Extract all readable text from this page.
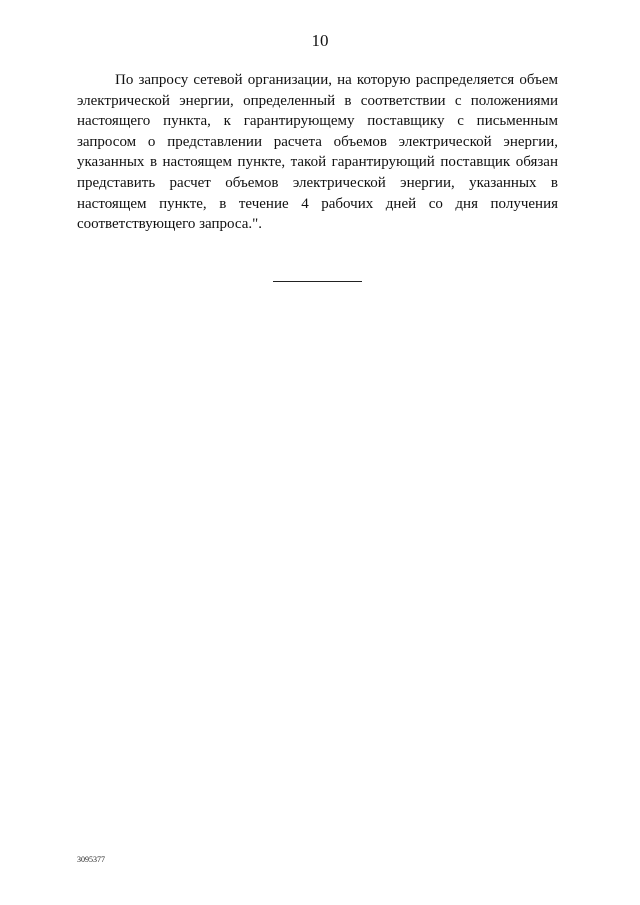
10

По запросу сетевой организации, на которую распределяется объем электрической энергии, определенный в соответствии с положениями настоящего пункта, к гарантирующему поставщику с письменным запросом о представлении расчета объемов электрической энергии, указанных в настоящем пункте, такой гарантирующий поставщик обязан представить расчет объемов электрической энергии, указанных в настоящем пункте, в течение 4 рабочих дней со дня получения соответствующего запроса.".

3095377
